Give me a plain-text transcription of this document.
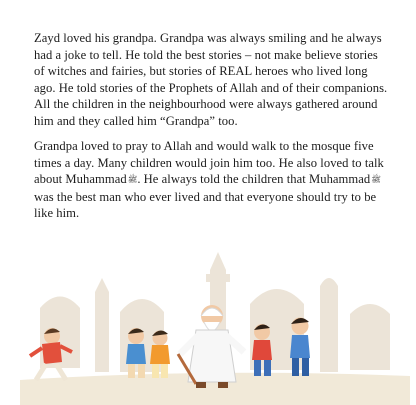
Zayd loved his grandpa. Grandpa was always smiling and he always had a joke to tell. He told the best stories – not make believe stories of witches and fairies, but stories of REAL heroes who lived long ago. He told stories of the Prophets of Allah and of their companions. All the children in the neighbourhood were always gathered around him and they called him “Grandpa” too.

Grandpa loved to pray to Allah and would walk to the mosque five times a day. Many children would join him too. He also loved to talk about Muhammadﷺ. He always told the children that Muhammadﷺ was the best man who ever lived and that everyone should try to be like him.
